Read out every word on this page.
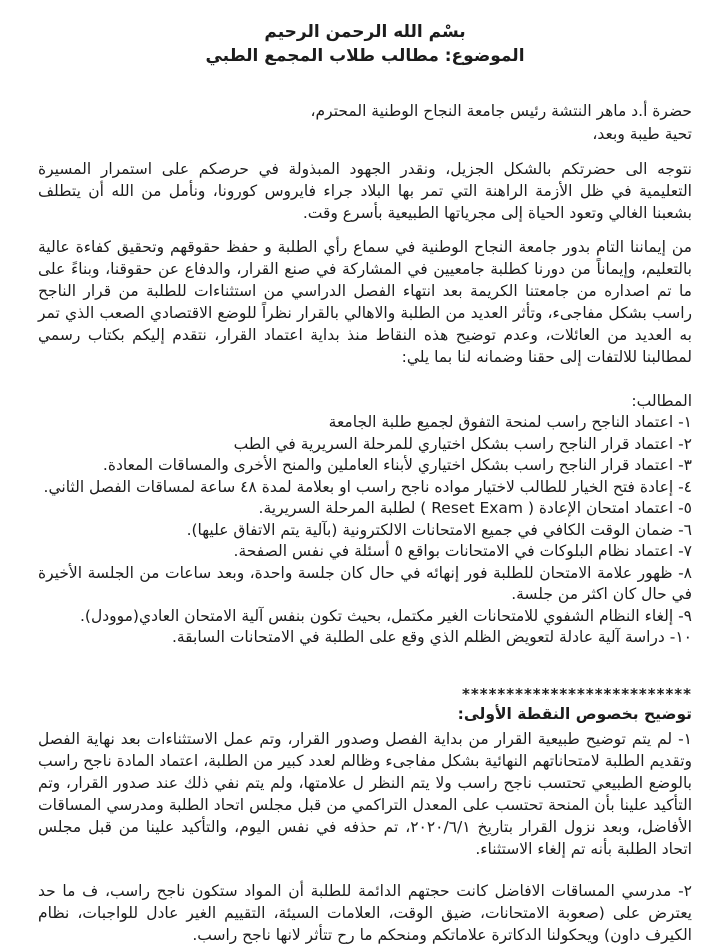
بسْم الله الرحمن الرحيم
الموضوع: مطالب طلاب المجمع الطبي
حضرة أ.د ماهر النتشة رئيس جامعة النجاح الوطنية المحترم،
تحية طيبة وبعد،

نتوجه الى حضرتكم بالشكل الجزيل، ونقدر الجهود المبذولة في حرصكم على استمرار المسيرة التعليمية في ظل الأزمة الراهنة التي تمر بها البلاد جراء فايروس كورونا، ونأمل من الله أن يتطلف بشعبنا الغالي وتعود الحياة إلى مجرياتها الطبيعية بأسرع وقت.

من إيماننا التام بدور جامعة النجاح الوطنية في سماع رأي الطلبة و حفظ حقوقهم وتحقيق كفاءة عالية بالتعليم، وإيماناً من دورنا كطلبة جامعيين في المشاركة في صنع القرار، والدفاع عن حقوقنا، وبناءً على ما تم اصداره من جامعتنا الكريمة بعد انتهاء الفصل الدراسي من استثناءات للطلبة من قرار الناجح راسب بشكل مفاجىء، وتأثر العديد من الطلبة والاهالي بالقرار نظراً للوضع الاقتصادي الصعب الذي تمر به العديد من العائلات، وعدم توضيح هذه النقاط منذ بداية اعتماد القرار، نتقدم إليكم بكتاب رسمي لمطالبنا للالتفات إلى حقنا وضمانه لنا بما يلي:

المطالب:
١- اعتماد الناجح راسب لمنحة التفوق لجميع طلبة الجامعة
٢- اعتماد قرار الناجح راسب بشكل اختياري للمرحلة السريرية في الطب
٣- اعتماد قرار الناجح راسب بشكل اختياري لأبناء العاملين والمنح الأخرى والمساقات المعادة.
٤- إعادة فتح الخيار للطالب لاختيار مواده ناجح راسب او بعلامة لمدة ٤٨ ساعة لمساقات الفصل الثاني.
٥- اعتماد امتحان الإعادة ( Reset Exam ) لطلبة المرحلة السريرية.
٦- ضمان الوقت الكافي في جميع الامتحانات الالكترونية (بآلية يتم الاتفاق عليها).
٧- اعتماد نظام البلوكات في الامتحانات بواقع ٥ أسئلة في نفس الصفحة.
٨- ظهور علامة الامتحان للطلبة فور إنهائه في حال كان جلسة واحدة، وبعد ساعات من الجلسة الأخيرة في حال كان اكثر من جلسة.
٩- إلغاء النظام الشفوي للامتحانات الغير مكتمل، بحيث تكون بنفس آلية الامتحان العادي(موودل).
١٠- دراسة آلية عادلة لتعويض الظلم الذي وقع على الطلبة في الامتحانات السابقة.
**************************
توضيح بخصوص النقطة الأولى:
١- لم يتم توضيح طبيعية القرار من بداية الفصل وصدور القرار، وتم عمل الاستثناءات بعد نهاية الفصل وتقديم الطلبة لامتحاناتهم النهائية بشكل مفاجىء وظالم لعدد كبير من الطلبة، اعتماد المادة ناجح راسب بالوضع الطبيعي تحتسب ناجح راسب ولا يتم النظر ل علامتها، ولم يتم نفي ذلك عند صدور القرار، وتم التأكيد علينا بأن المنحة تحتسب على المعدل التراكمي من قبل مجلس اتحاد الطلبة ومدرسي المساقات الأفاضل، وبعد نزول القرار بتاريخ ٢٠٢٠/٦/١، تم حذفه في نفس اليوم، والتأكيد علينا من قبل مجلس اتحاد الطلبة بأنه تم إلغاء الاستثناء.
٢- مدرسي المساقات الافاضل كانت حجتهم الدائمة للطلبة أن المواد ستكون ناجح راسب، ف ما حد يعترض على (صعوبة الامتحانات، ضيق الوقت، العلامات السيئة، التقييم الغير عادل للواجبات، نظام الكيرف داون) ويحكولنا الدكاترة علاماتكم ومنحكم ما رح تتأثر لانها ناجح راسب.
